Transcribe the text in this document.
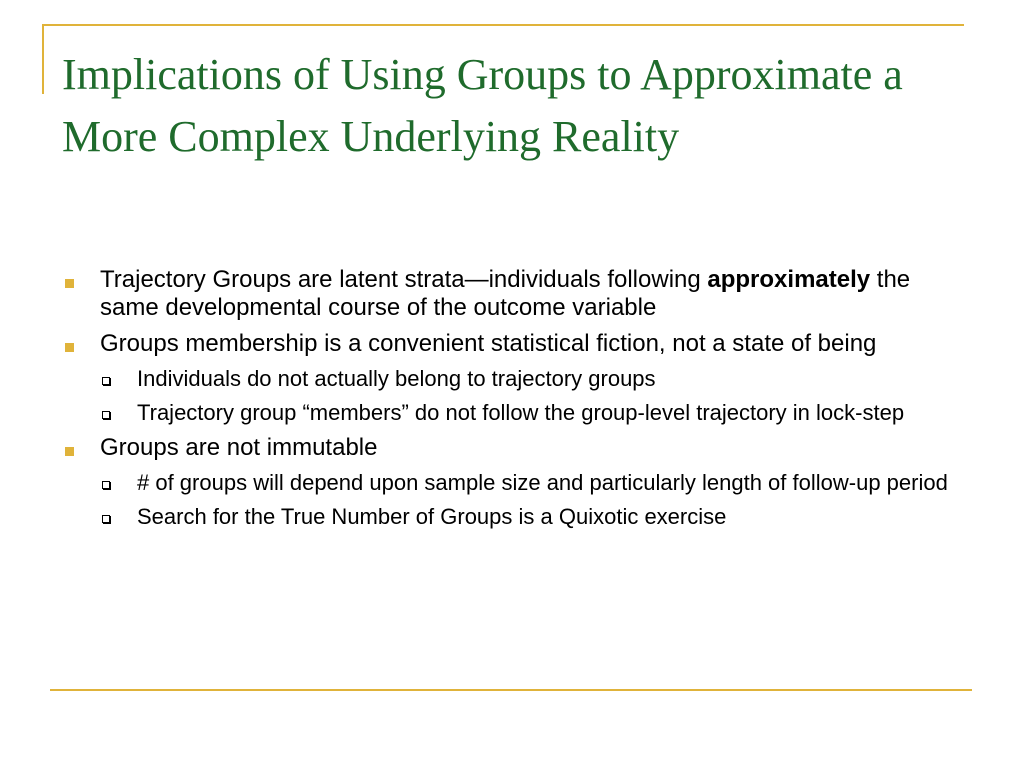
Implications of Using Groups to Approximate a More Complex Underlying Reality
Trajectory Groups are latent strata—individuals following approximately the same developmental course of the outcome variable
Groups membership is a convenient statistical fiction, not a state of being
Individuals do not actually belong to trajectory groups
Trajectory group “members” do not follow the group-level trajectory in lock-step
Groups are not immutable
# of groups will depend upon sample size and particularly length of follow-up period
Search for the True Number of Groups is a Quixotic exercise
